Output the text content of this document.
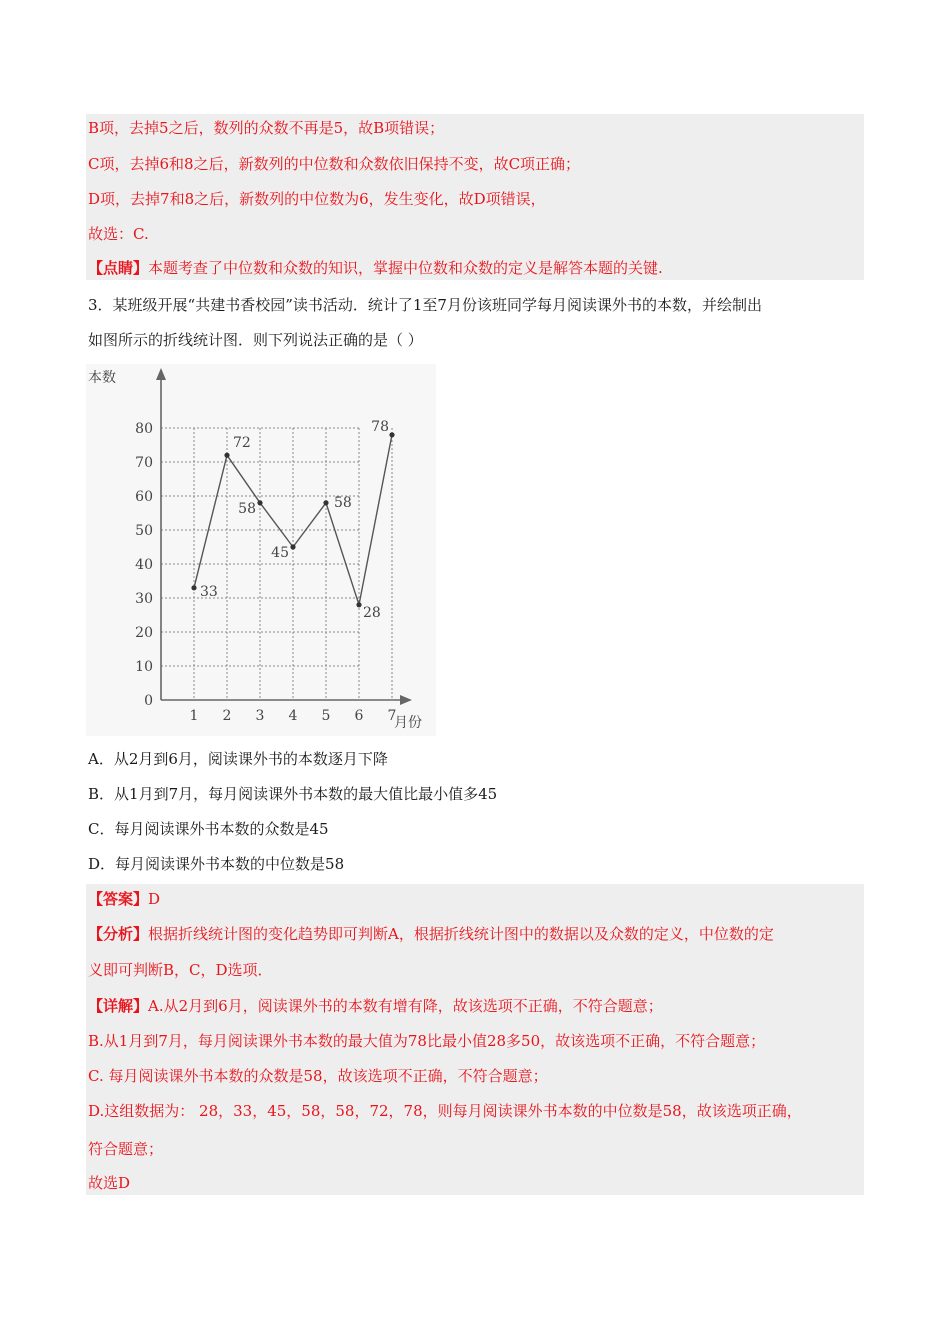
B项，去掉5之后，数列的众数不再是5，故B项错误；
C项，去掉6和8之后，新数列的中位数和众数依旧保持不变，故C项正确；
D项，去掉7和8之后，新数列的中位数为6，发生变化，故D项错误，
故选：C.
【点睛】本题考查了中位数和众数的知识，掌握中位数和众数的定义是解答本题的关键.
3．某班级开展“共建书香校园”读书活动．统计了1至7月份该班同学每月阅读课外书的本数，并绘制出
如图所示的折线统计图．则下列说法正确的是（ ）
0
10
20
30
40
50
60
70
80
1 2 3 4 5 6 7
33
72
58
45
58
28
78
本数
月份
A．从2月到6月，阅读课外书的本数逐月下降
B．从1月到7月，每月阅读课外书本数的最大值比最小值多45
C．每月阅读课外书本数的众数是45
D．每月阅读课外书本数的中位数是58
【答案】D
【分析】根据折线统计图的变化趋势即可判断A，根据折线统计图中的数据以及众数的定义，中位数的定
义即可判断B，C，D选项．
【详解】A.从2月到6月，阅读课外书的本数有增有降，故该选项不正确，不符合题意；
B.从1月到7月，每月阅读课外书本数的最大值为78比最小值28多50，故该选项不正确，不符合题意；
C. 每月阅读课外书本数的众数是58，故该选项不正确，不符合题意；
D.这组数据为： 28，33，45，58，58，72，78，则每月阅读课外书本数的中位数是58，故该选项正确，
符合题意；
故选D
